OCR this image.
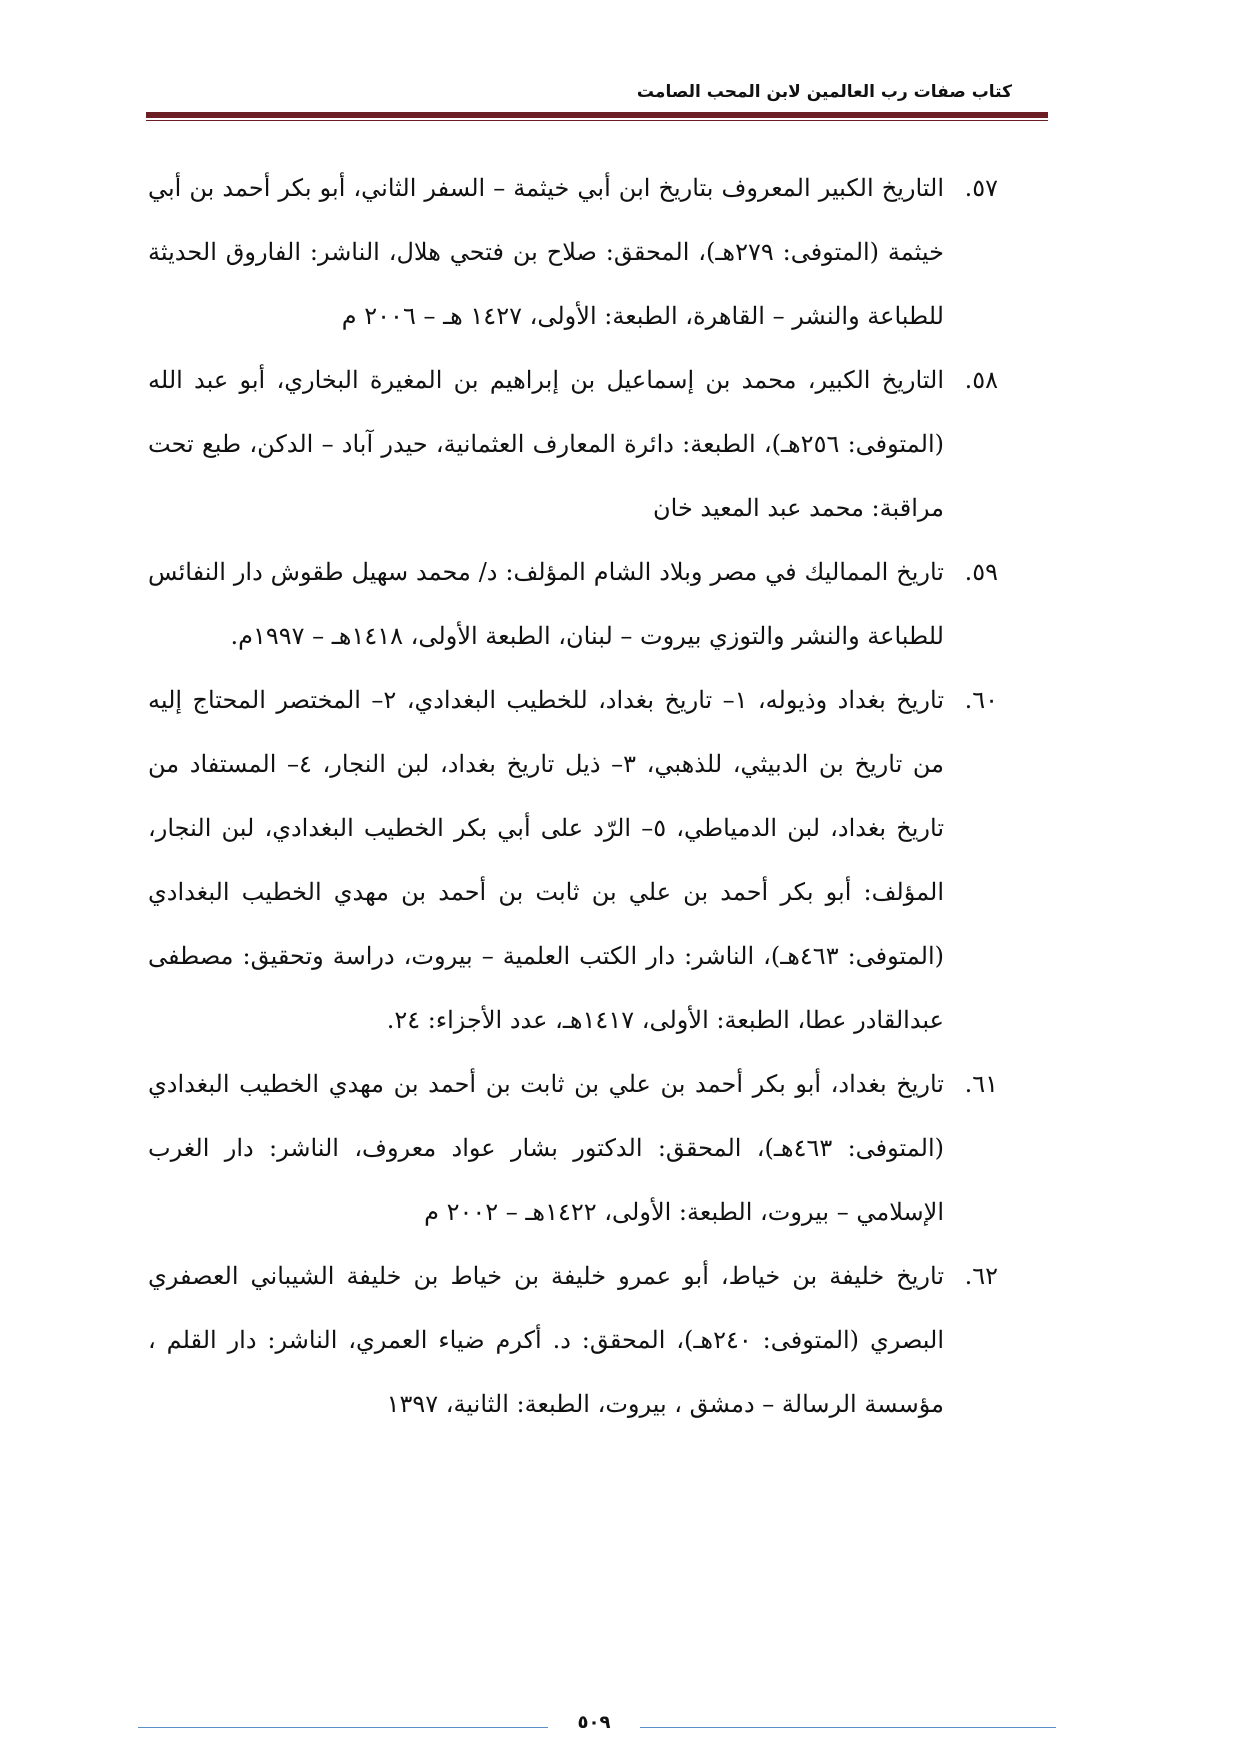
كتاب صفات رب العالمين لابن المحب الصامت
٥٧.
التاريخ الكبير المعروف بتاريخ ابن أبي خيثمة – السفر الثاني، أبو بكر أحمد بن أبي خيثمة (المتوفى: ٢٧٩هـ)، المحقق: صلاح بن فتحي هلال، الناشر: الفاروق الحديثة للطباعة والنشر – القاهرة، الطبعة: الأولى، ١٤٢٧ هـ – ٢٠٠٦ م
٥٨.
التاريخ الكبير، محمد بن إسماعيل بن إبراهيم بن المغيرة البخاري، أبو عبد الله (المتوفى: ٢٥٦هـ)، الطبعة: دائرة المعارف العثمانية، حيدر آباد – الدكن، طبع تحت مراقبة: محمد عبد المعيد خان
٥٩.
تاريخ المماليك في مصر وبلاد الشام المؤلف: د/ محمد سهيل طقوش دار النفائس للطباعة والنشر والتوزي بيروت – لبنان، الطبعة الأولى، ١٤١٨هـ – ١٩٩٧م.
٦٠.
تاريخ بغداد وذيوله، ١– تاريخ بغداد، للخطيب البغدادي، ٢– المختصر المحتاج إليه من تاريخ بن الدبيثي، للذهبي، ٣– ذيل تاريخ بغداد، لبن النجار، ٤– المستفاد من تاريخ بغداد، لبن الدمياطي، ٥– الرّد على أبي بكر الخطيب البغدادي، لبن النجار، المؤلف: أبو بكر أحمد بن علي بن ثابت بن أحمد بن مهدي الخطيب البغدادي (المتوفى: ٤٦٣هـ)، الناشر: دار الكتب العلمية – بيروت، دراسة وتحقيق: مصطفى عبدالقادر عطا، الطبعة: الأولى، ١٤١٧هـ، عدد الأجزاء: ٢٤.
٦١.
تاريخ بغداد، أبو بكر أحمد بن علي بن ثابت بن أحمد بن مهدي الخطيب البغدادي (المتوفى: ٤٦٣هـ)، المحقق: الدكتور بشار عواد معروف، الناشر: دار الغرب الإسلامي – بيروت، الطبعة: الأولى، ١٤٢٢هـ – ٢٠٠٢ م
٦٢.
تاريخ خليفة بن خياط، أبو عمرو خليفة بن خياط بن خليفة الشيباني العصفري البصري (المتوفى: ٢٤٠هـ)، المحقق: د. أكرم ضياء العمري، الناشر: دار القلم ، مؤسسة الرسالة – دمشق ، بيروت، الطبعة: الثانية، ١٣٩٧
٥٠٩
